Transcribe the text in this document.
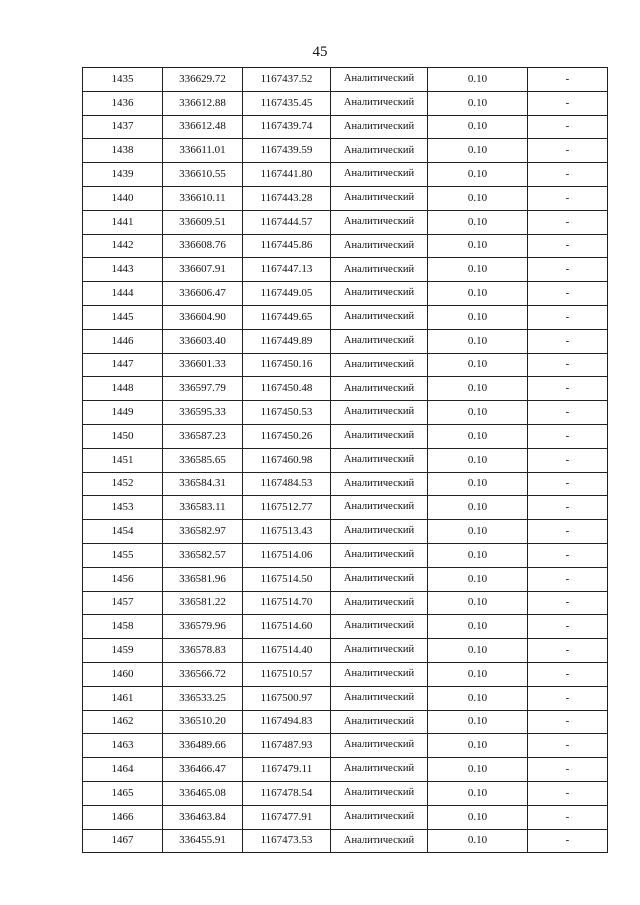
45
1435	336629.72	1167437.52	Аналитический	0.10	-
1436	336612.88	1167435.45	Аналитический	0.10	-
1437	336612.48	1167439.74	Аналитический	0.10	-
1438	336611.01	1167439.59	Аналитический	0.10	-
1439	336610.55	1167441.80	Аналитический	0.10	-
1440	336610.11	1167443.28	Аналитический	0.10	-
1441	336609.51	1167444.57	Аналитический	0.10	-
1442	336608.76	1167445.86	Аналитический	0.10	-
1443	336607.91	1167447.13	Аналитический	0.10	-
1444	336606.47	1167449.05	Аналитический	0.10	-
1445	336604.90	1167449.65	Аналитический	0.10	-
1446	336603.40	1167449.89	Аналитический	0.10	-
1447	336601.33	1167450.16	Аналитический	0.10	-
1448	336597.79	1167450.48	Аналитический	0.10	-
1449	336595.33	1167450.53	Аналитический	0.10	-
1450	336587.23	1167450.26	Аналитический	0.10	-
1451	336585.65	1167460.98	Аналитический	0.10	-
1452	336584.31	1167484.53	Аналитический	0.10	-
1453	336583.11	1167512.77	Аналитический	0.10	-
1454	336582.97	1167513.43	Аналитический	0.10	-
1455	336582.57	1167514.06	Аналитический	0.10	-
1456	336581.96	1167514.50	Аналитический	0.10	-
1457	336581.22	1167514.70	Аналитический	0.10	-
1458	336579.96	1167514.60	Аналитический	0.10	-
1459	336578.83	1167514.40	Аналитический	0.10	-
1460	336566.72	1167510.57	Аналитический	0.10	-
1461	336533.25	1167500.97	Аналитический	0.10	-
1462	336510.20	1167494.83	Аналитический	0.10	-
1463	336489.66	1167487.93	Аналитический	0.10	-
1464	336466.47	1167479.11	Аналитический	0.10	-
1465	336465.08	1167478.54	Аналитический	0.10	-
1466	336463.84	1167477.91	Аналитический	0.10	-
1467	336455.91	1167473.53	Аналитический	0.10	-
